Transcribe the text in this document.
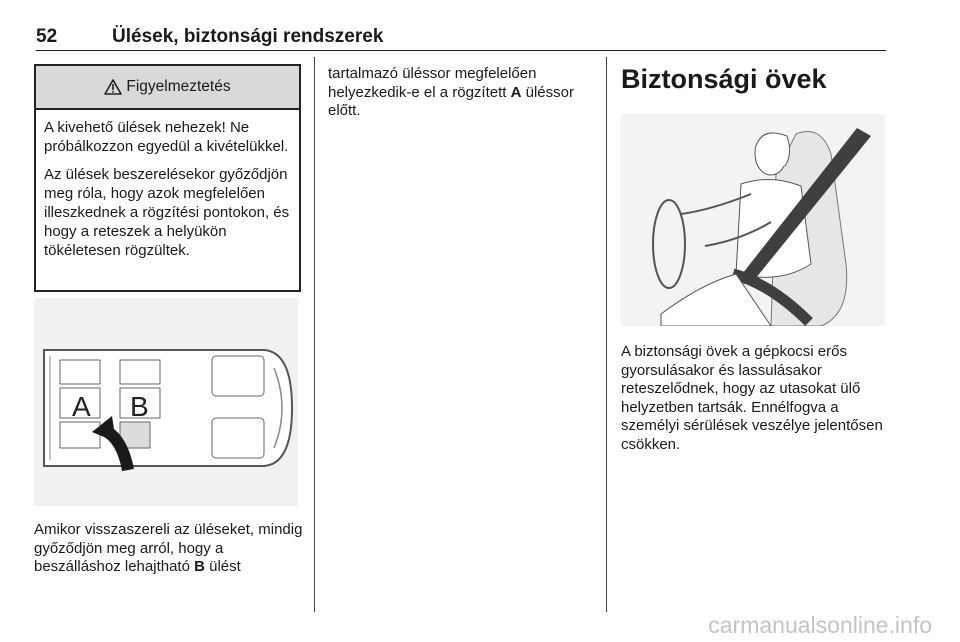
52	Ülések, biztonsági rendszerek
Figyelmeztetés

A kivehető ülések nehezek! Ne próbálkozzon egyedül a kivételükkel.

Az ülések beszerelésekor győződjön meg róla, hogy azok megfelelően illeszkednek a rögzítési pontokon, és hogy a reteszek a helyükön tökéletesen rögzültek.

A B
Amikor visszaszereli az üléseket, mindig győződjön meg arról, hogy a beszálláshoz lehajtható B ülést
tartalmazó üléssor megfelelően helyezkedik-e el a rögzített A üléssor előtt.
Biztonsági övek
A biztonsági övek a gépkocsi erős gyorsulásakor és lassulásakor reteszelődnek, hogy az utasokat ülő helyzetben tartsák. Ennélfogva a személyi sérülések veszélye jelentősen csökken.
carmanualsonline.info
